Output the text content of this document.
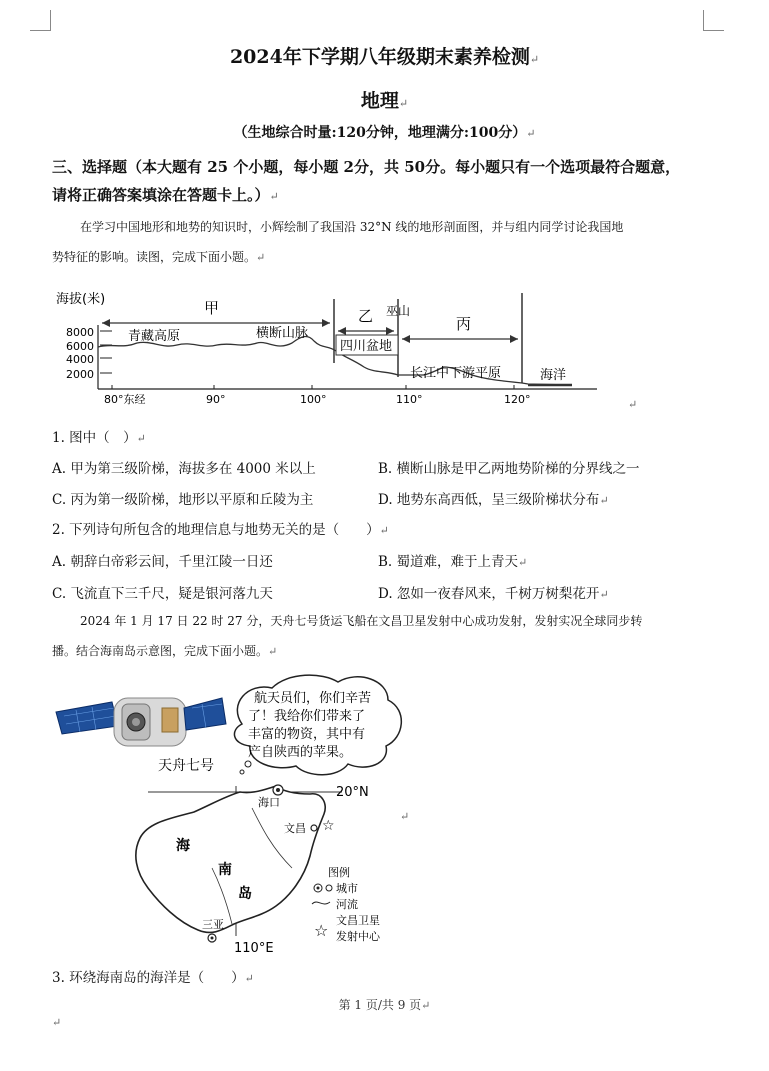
2024年下学期八年级期末素养检测↵
地理↵
（生地综合时量:120分钟，地理满分:100分）↵
三、选择题（本大题有 25 个小题，每小题 2分，共 50分。每小题只有一个选项最符合题意，
请将正确答案填涂在答题卡上。）↵
在学习中国地形和地势的知识时，小辉绘制了我国沿 32°N 线的地形剖面图，并与组内同学讨论我国地
势特征的影响。读图，完成下面小题。↵
海拔(米)
8000
6000
4000
2000
甲	乙 巫山
丙
青藏高原	横断山脉
四川盆地
长江中下游平原	海洋
80°东经	90°	100°	110°	120°	↵
1. 图中（　）↵
A. 甲为第三级阶梯，海拔多在 4000 米以上	B. 横断山脉是甲乙两地势阶梯的分界线之一
C. 丙为第一级阶梯，地形以平原和丘陵为主	D. 地势东高西低，呈三级阶梯状分布↵
2. 下列诗句所包含的地理信息与地势无关的是（　　）↵
A. 朝辞白帝彩云间，千里江陵一日还	B. 蜀道难，难于上青天↵
C. 飞流直下三千尺，疑是银河落九天	D. 忽如一夜春风来，千树万树梨花开↵
2024 年 1 月 17 日 22 时 27 分，天舟七号货运飞船在文昌卫星发射中心成功发射，发射实况全球同步转
播。结合海南岛示意图，完成下面小题。↵
天舟七号
航天员们，你们辛苦
了！我给你们带来了
丰富的物资，其中有
产自陕西的苹果。
20°N
110°E
海口
文昌 ☆
三亚
海
南
岛
图例
城市
河流
☆
文昌卫星
发射中心
↵
3. 环绕海南岛的海洋是（　　）↵
第 1 页/共 9 页↵
↵
